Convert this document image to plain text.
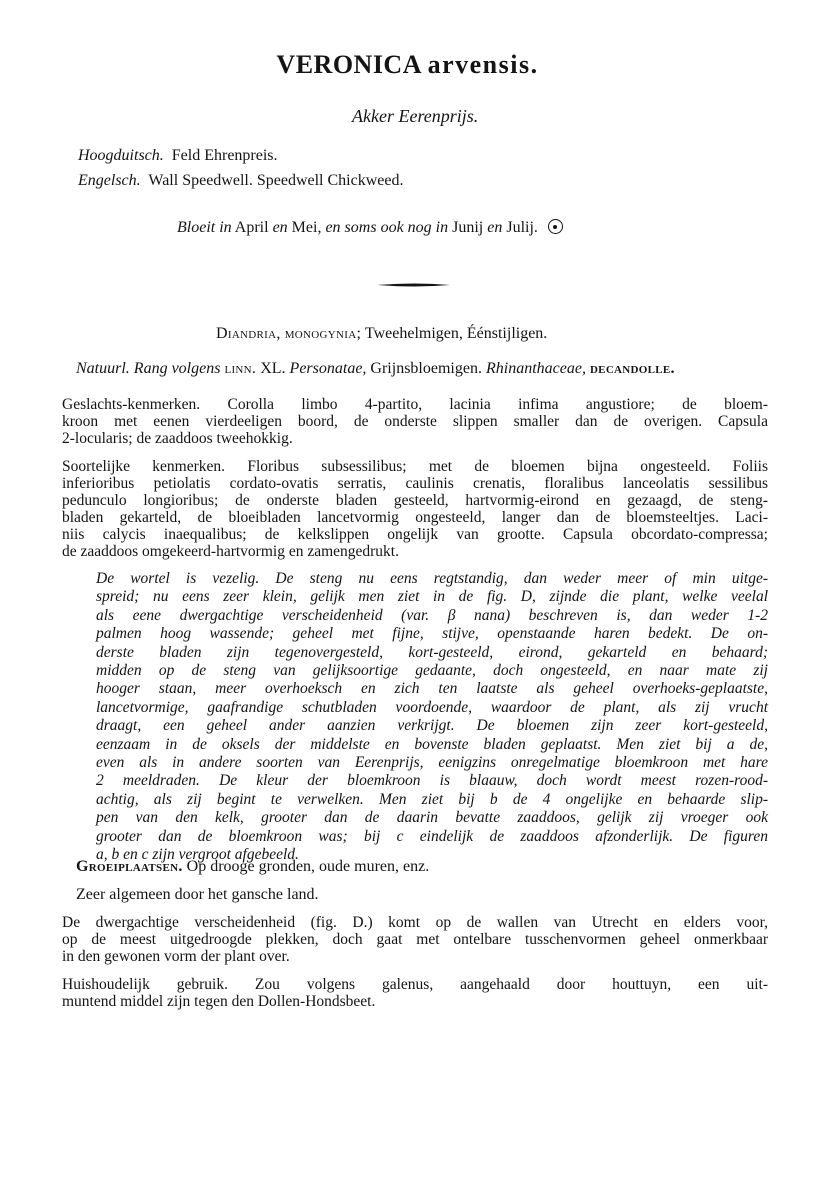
VERONICA arvensis.
Akker Eerenprijs.
Hoogduitsch. Feld Ehrenpreis.
Engelsch. Wall Speedwell. Speedwell Chickweed.
Bloeit in April en Mei, en soms ook nog in Junij en Julij.
Diandria, monogynia; Tweehelmigen, Éénstijligen.
Natuurl. Rang volgens linn. XL. Personatae, Grijnsbloemigen. Rhinanthaceae, decandolle.
Geslachts-kenmerken. Corolla limbo 4-partito, lacinia infima angustiore; de bloem-
kroon met eenen vierdeeligen boord, de onderste slippen smaller dan de overigen. Capsula
2-locularis; de zaaddoos tweehokkig.
Soortelijke kenmerken. Floribus subsessilibus; met de bloemen bijna ongesteeld. Foliis
inferioribus petiolatis cordato-ovatis serratis, caulinis crenatis, floralibus lanceolatis sessilibus
pedunculo longioribus; de onderste bladen gesteeld, hartvormig-eirond en gezaagd, de steng-
bladen gekarteld, de bloeibladen lancetvormig ongesteeld, langer dan de bloemsteeltjes. Laci-
niis calycis inaequalibus; de kelkslippen ongelijk van grootte. Capsula obcordato-compressa;
de zaaddoos omgekeerd-hartvormig en zamengedrukt.
De wortel is vezelig. De steng nu eens regtstandig, dan weder meer of min uitge-
spreid; nu eens zeer klein, gelijk men ziet in de fig. D, zijnde die plant, welke veelal
als eene dwergachtige verscheidenheid (var. β nana) beschreven is, dan weder 1-2
palmen hoog wassende; geheel met fijne, stijve, openstaande haren bedekt. De on-
derste bladen zijn tegenovergesteld, kort-gesteeld, eirond, gekarteld en behaard;
midden op de steng van gelijksoortige gedaante, doch ongesteeld, en naar mate zij
hooger staan, meer overhoeksch en zich ten laatste als geheel overhoeks-geplaatste,
lancetvormige, gaafrandige schutbladen voordoende, waardoor de plant, als zij vrucht
draagt, een geheel ander aanzien verkrijgt. De bloemen zijn zeer kort-gesteeld,
eenzaam in de oksels der middelste en bovenste bladen geplaatst. Men ziet bij a de,
even als in andere soorten van Eerenprijs, eenigzins onregelmatige bloemkroon met hare
2 meeldraden. De kleur der bloemkroon is blaauw, doch wordt meest rozen-rood-
achtig, als zij begint te verwelken. Men ziet bij b de 4 ongelijke en behaarde slip-
pen van den kelk, grooter dan de daarin bevatte zaaddoos, gelijk zij vroeger ook
grooter dan de bloemkroon was; bij c eindelijk de zaaddoos afzonderlijk. De figuren
a, b en c zijn vergroot afgebeeld.
Groeiplaatsen. Op drooge gronden, oude muren, enz.
Zeer algemeen door het gansche land.
De dwergachtige verscheidenheid (fig. D.) komt op de wallen van Utrecht en elders voor,
op de meest uitgedroogde plekken, doch gaat met ontelbare tusschenvormen geheel onmerkbaar
in den gewonen vorm der plant over.
Huishoudelijk gebruik. Zou volgens galenus, aangehaald door houttuyn, een uit-
muntend middel zijn tegen den Dollen-Hondsbeet.
